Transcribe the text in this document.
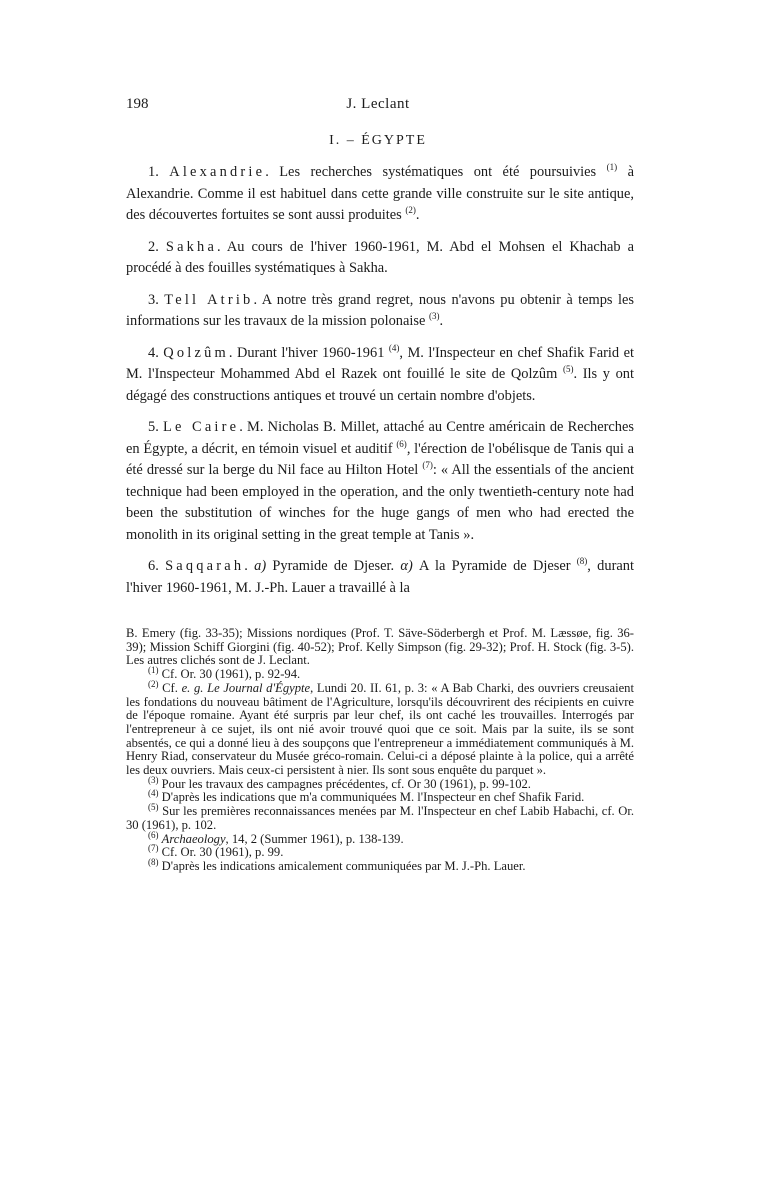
198	J. Leclant
I. – ÉGYPTE

1. Alexandrie. Les recherches systématiques ont été poursuivies $^{(1)}$ à Alexandrie. Comme il est habituel dans cette grande ville construite sur le site antique, des découvertes fortuites se sont aussi produites $^{(2)}$.

2. Sakha. Au cours de l'hiver 1960-1961, M. Abd el Mohsen el Khachab a procédé à des fouilles systématiques à Sakha.

3. Tell Atrib. A notre très grand regret, nous n'avons pu obtenir à temps les informations sur les travaux de la mission polonaise $^{(3)}$.

4. Qolzûm. Durant l'hiver 1960-1961 $^{(4)}$, M. l'Inspecteur en chef Shafik Farid et M. l'Inspecteur Mohammed Abd el Razek ont fouillé le site de Qolzûm $^{(5)}$. Ils y ont dégagé des constructions antiques et trouvé un certain nombre d'objets.

5. Le Caire. M. Nicholas B. Millet, attaché au Centre américain de Recherches en Égypte, a décrit, en témoin visuel et auditif $^{(6)}$, l'érection de l'obélisque de Tanis qui a été dressé sur la berge du Nil face au Hilton Hotel $^{(7)}$: « All the essentials of the ancient technique had been employed in the operation, and the only twentieth-century note had been the substitution of winches for the huge gangs of men who had erected the monolith in its original setting in the great temple at Tanis ».

6. Saqqarah. a) Pyramide de Djeser. α) A la Pyramide de Djeser $^{(8)}$, durant l'hiver 1960-1961, M. J.-Ph. Lauer a travaillé à la

B. Emery (fig. 33-35); Missions nordiques (Prof. T. Säve-Söderbergh et Prof. M. Læssøe, fig. 36-39); Mission Schiff Giorgini (fig. 40-52); Prof. Kelly Simpson (fig. 29-32); Prof. H. Stock (fig. 3-5). Les autres clichés sont de J. Leclant.

$^{(1)}$ Cf. Or. 30 (1961), p. 92-94.

$^{(2)}$ Cf. e. g. Le Journal d'Égypte, Lundi 20. II. 61, p. 3: « A Bab Charki, des ouvriers creusaient les fondations du nouveau bâtiment de l'Agriculture, lorsqu'ils découvrirent des récipients en cuivre de l'époque romaine. Ayant été surpris par leur chef, ils ont caché les trouvailles. Interrogés par l'entrepreneur à ce sujet, ils ont nié avoir trouvé quoi que ce soit. Mais par la suite, ils se sont absentés, ce qui a donné lieu à des soupçons que l'entrepreneur a immédiatement communiqués à M. Henry Riad, conservateur du Musée gréco-romain. Celui-ci a déposé plainte à la police, qui a arrêté les deux ouvriers. Mais ceux-ci persistent à nier. Ils sont sous enquête du parquet ».

$^{(3)}$ Pour les travaux des campagnes précédentes, cf. Or 30 (1961), p. 99-102.

$^{(4)}$ D'après les indications que m'a communiquées M. l'Inspecteur en chef Shafik Farid.

$^{(5)}$ Sur les premières reconnaissances menées par M. l'Inspecteur en chef Labib Habachi, cf. Or. 30 (1961), p. 102.

$^{(6)}$ Archaeology, 14, 2 (Summer 1961), p. 138-139.

$^{(7)}$ Cf. Or. 30 (1961), p. 99.

$^{(8)}$ D'après les indications amicalement communiquées par M. J.-Ph. Lauer.
